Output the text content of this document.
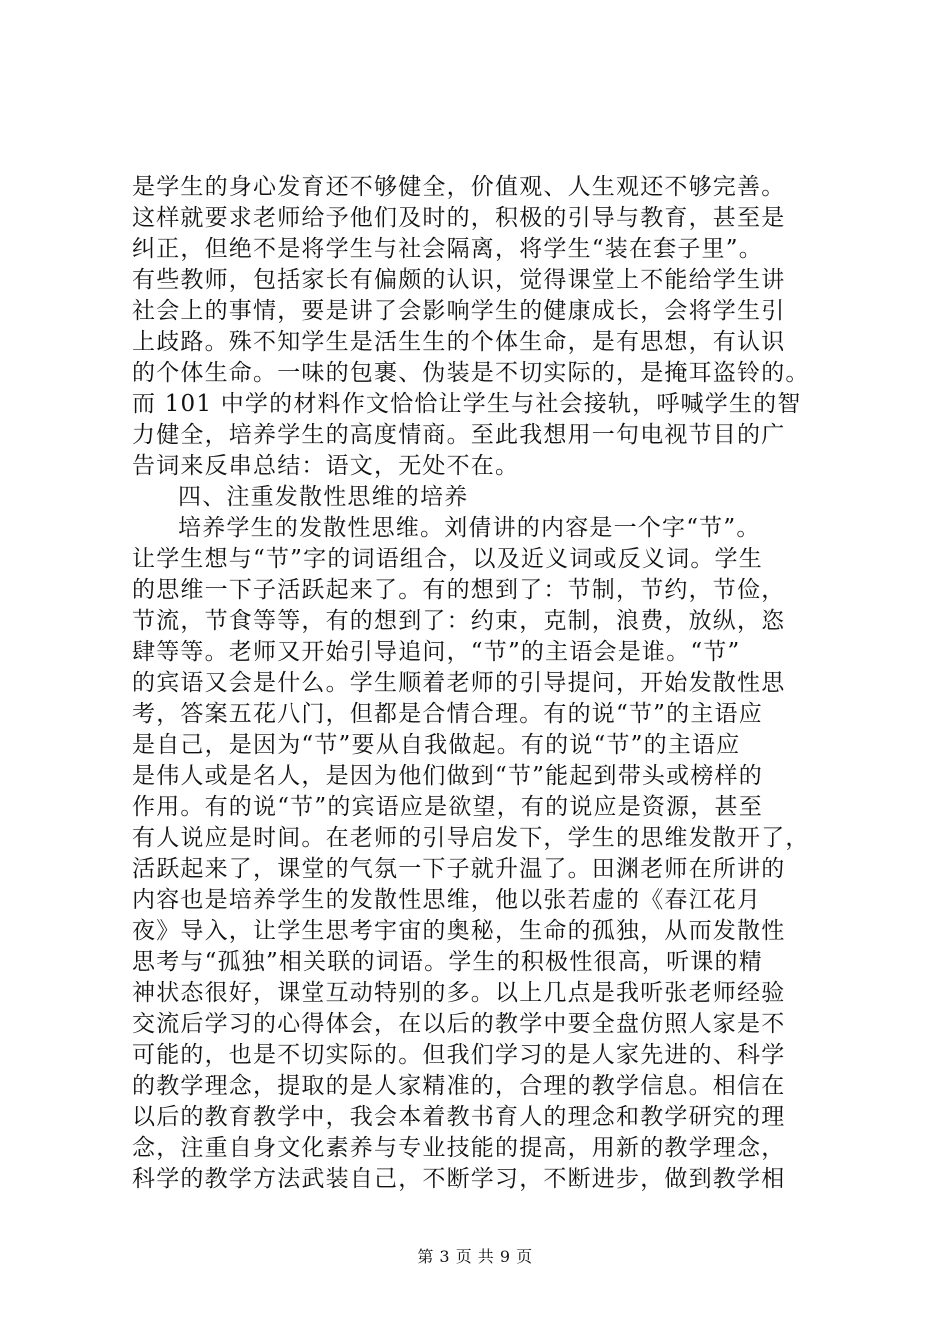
是学生的身心发育还不够健全，价值观、人生观还不够完善。
这样就要求老师给予他们及时的，积极的引导与教育，甚至是
纠正，但绝不是将学生与社会隔离，将学生“装在套子里”。
有些教师，包括家长有偏颇的认识，觉得课堂上不能给学生讲
社会上的事情，要是讲了会影响学生的健康成长，会将学生引
上歧路。殊不知学生是活生生的个体生命，是有思想，有认识
的个体生命。一味的包裹、伪装是不切实际的，是掩耳盗铃的。
而 101 中学的材料作文恰恰让学生与社会接轨，呼喊学生的智
力健全，培养学生的高度情商。至此我想用一句电视节目的广
告词来反串总结：语文，无处不在。
四、注重发散性思维的培养
培养学生的发散性思维。刘倩讲的内容是一个字“节”。
让学生想与“节”字的词语组合，以及近义词或反义词。学生
的思维一下子活跃起来了。有的想到了：节制，节约，节俭，
节流，节食等等，有的想到了：约束，克制，浪费，放纵，恣
肆等等。老师又开始引导追问，“节”的主语会是谁。“节”
的宾语又会是什么。学生顺着老师的引导提问，开始发散性思
考，答案五花八门，但都是合情合理。有的说“节”的主语应
是自己，是因为“节”要从自我做起。有的说“节”的主语应
是伟人或是名人，是因为他们做到“节”能起到带头或榜样的
作用。有的说“节”的宾语应是欲望，有的说应是资源，甚至
有人说应是时间。在老师的引导启发下，学生的思维发散开了，
活跃起来了，课堂的气氛一下子就升温了。田渊老师在所讲的
内容也是培养学生的发散性思维，他以张若虚的《春江花月
夜》导入，让学生思考宇宙的奥秘，生命的孤独，从而发散性
思考与“孤独”相关联的词语。学生的积极性很高，听课的精
神状态很好，课堂互动特别的多。以上几点是我听张老师经验
交流后学习的心得体会，在以后的教学中要全盘仿照人家是不
可能的，也是不切实际的。但我们学习的是人家先进的、科学
的教学理念，提取的是人家精准的，合理的教学信息。相信在
以后的教育教学中，我会本着教书育人的理念和教学研究的理
念，注重自身文化素养与专业技能的提高，用新的教学理念，
科学的教学方法武装自己，不断学习，不断进步，做到教学相
第 3 页 共 9 页
